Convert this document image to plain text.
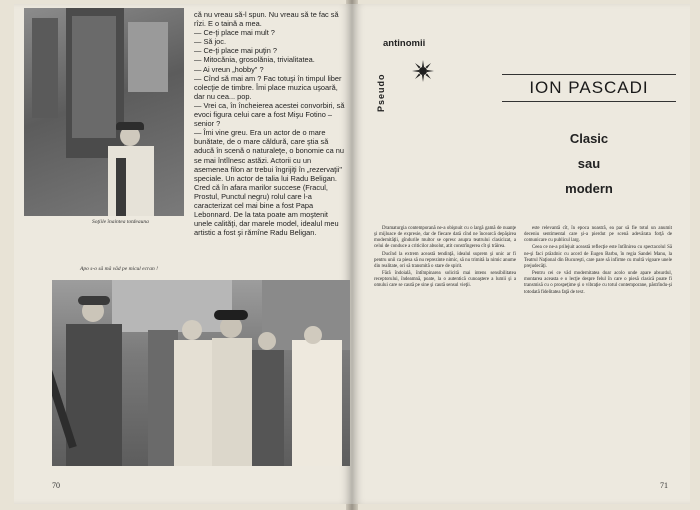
Soţiile înaintea totdeauna

că nu vreau să-l spun. Nu vreau să te fac să rîzi. E o taină a mea.

— Ce-ţi place mai mult ?

— Să joc.

— Ce-ţi place mai puţin ?

— Mitocănia, grosolănia, trivialitatea.

— Ai vreun „hobby" ?

— Cînd să mai am ? Fac totuşi în timpul liber colecţie de timbre. Îmi place muzica uşoară, dar nu cea... pop.

— Vrei ca, în încheierea acestei convorbiri, să evoci figura celui care a fost Mişu Fotino – senior ?

— Îmi vine greu. Era un actor de o mare bunătate, de o mare căldură, care ştia să aducă în scenă o naturaleţe, o bonomie ca nu se mai întîlnesc astăzi. Actorii cu un asemenea filon ar trebui îngrijiţi în „rezervaţii" speciale. Un actor de talia lui Radu Beligan. Cred că în afara marilor succese (Fracul, Prostul, Punctul negru) rolul care l-a caracterizat cel mai bine a fost Papa Lebonnard. De la tata poate am moştenit unele calităţi, dar marele model, idealul meu artistic a fost şi rămîne Radu Beligan.

Apo s-o să mă văd pe micul ecran !
70
Pseudo
antinomii
ION PASCADI
Clasic
sau
modern

Dramaturgia contemporană ne-a obişnuit cu o largă gamă de nuanţe şi mijloace de expresie, dar de fiecare dată cînd ne încearcă depăşirea modernităţii, gîndurile multor se opresc asupra teatrului clasicizat, a celui de conduce a criticilor absolut, atit constrîngerea cît şi trăirea.

Ducînd la extrem această tendinţă, idealul suprem şi unic ar fi pentru unii ca piesa să nu reprezinte nimic, să nu trimită la nimic anume din realitate, ori să transmită o stare de spirit.

Fără îndoială, întîmpinarea solicită mai intens sensibilitatea receptorului, îndeamnă, poate, la o autentică cunoaştere a lumii şi a omului care se caută pe sine şi caută sensul vieţii.

este relevantă cît, în epoca noastră, ea par să fie totul un anumit deceniu sentimental care şi-a pierdut pe scenă adevărata forţă de comunicare cu publicul larg.

Ceea ce ne-a prilejuit această reflecţie este întîlnirea cu spectacolul Să ne-şi faci prăzdnic cu acord de Eugen Barbu, în regia Sandei Manu, la Teatrul Naţional din Bucureşti, care pare să infirme cu multă vigoare unele prejudecăţi.

Pentru cei ce văd modernitatea doar acolo unde apare absurdul, montarea aceasta e o lecţie despre felul în care o piesă clasică poate fi transmisă cu o prospeţime şi o vibraţie cu totul contemporane, păstrîndu-şi totodată fidelitatea faţă de text.

71
